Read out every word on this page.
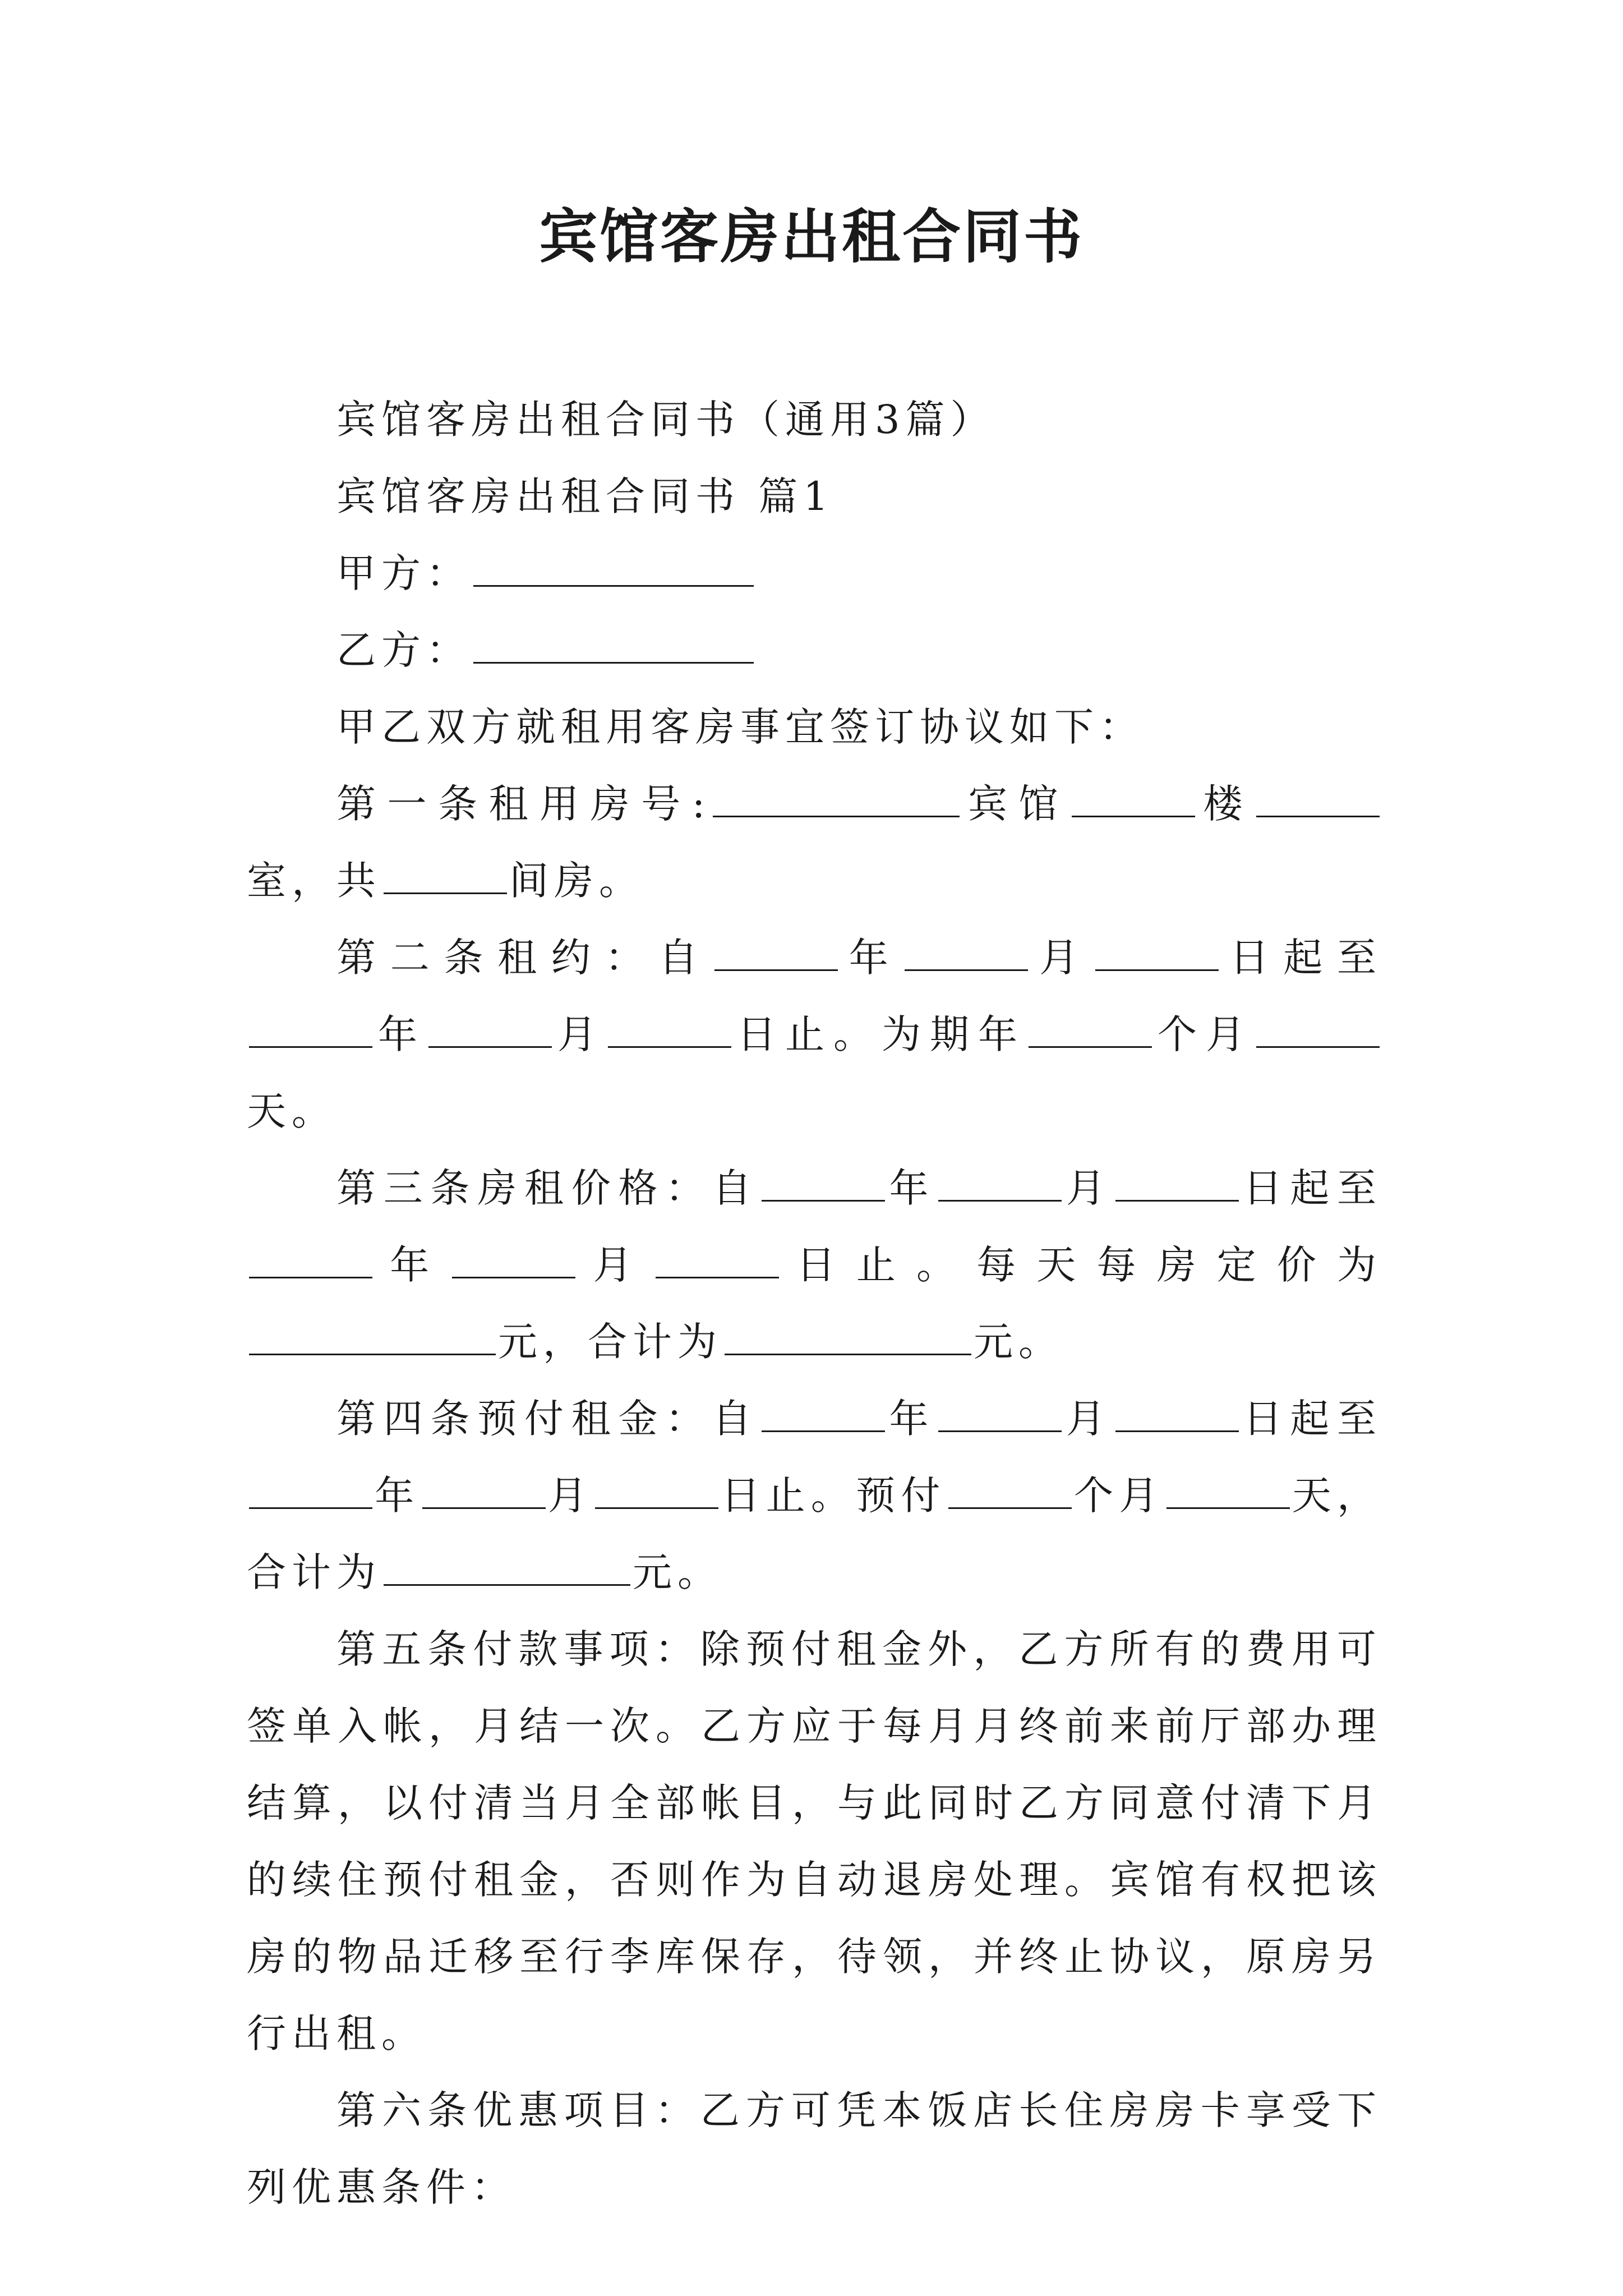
宾馆客房出租合同书

宾馆客房出租合同书（通用3篇）

宾馆客房出租合同书 篇1

甲方：

乙方：

甲乙双方就租用客房事宜签订协议如下：

第一条租用房号:	宾馆	楼室，共	间房。

第二条租约：自	年	月	日起至年	月	日止。为期年	个月天。

第三条房租价格：自	年	月	日起至年	月	日止。每天每房定价为元，合计为	元。

第四条预付租金：自	年	月	日起至年	月	日止。预付	个月	天，合计为	元。

第五条付款事项：除预付租金外，乙方所有的费用可签单入帐，月结一次。乙方应于每月月终前来前厅部办理结算，以付清当月全部帐目，与此同时乙方同意付清下月的续住预付租金，否则作为自动退房处理。宾馆有权把该房的物品迁移至行李库保存，待领，并终止协议，原房另行出租。

第六条优惠项目：乙方可凭本饭店长住房房卡享受下列优惠条件：
